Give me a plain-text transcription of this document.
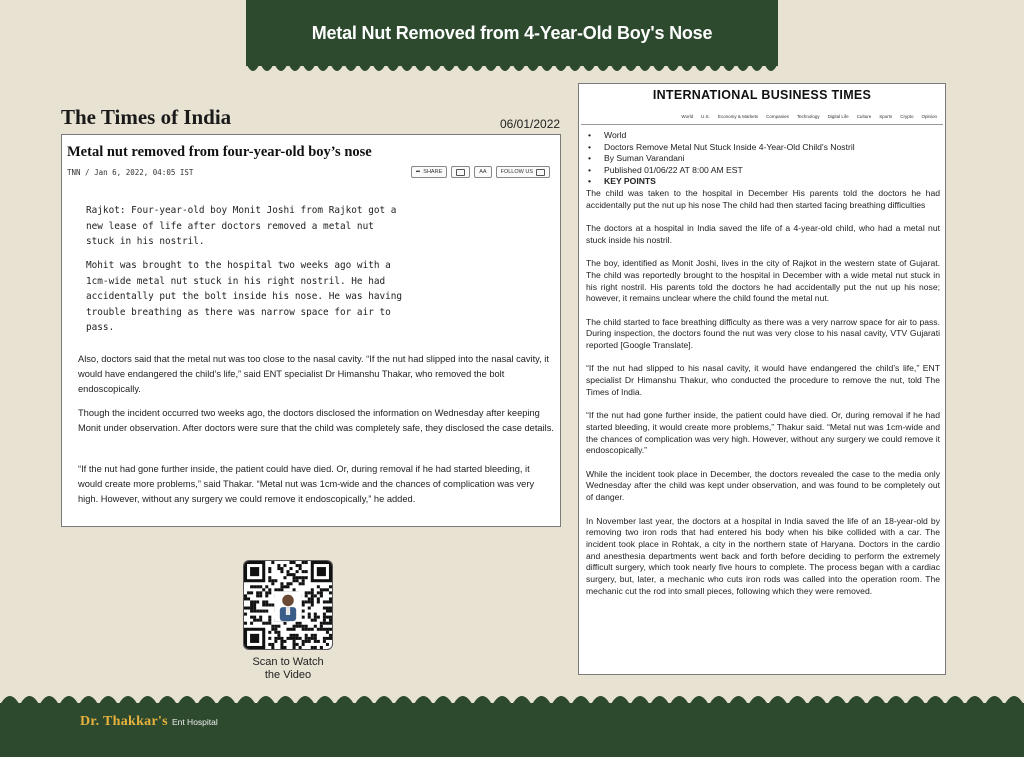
Metal Nut Removed from 4-Year-Old Boy's Nose
The Times of India	06/01/2022
Metal nut removed from four-year-old boy’s nose
TNN / Jan 6, 2022, 04:05 IST	➦ SHARE	AA	FOLLOW US
Rajkot: Four-year-old boy Monit Joshi from Rajkot got a new lease of life after doctors removed a metal nut stuck in his nostril.
Mohit was brought to the hospital two weeks ago with a 1cm-wide metal nut stuck in his right nostril. He had accidentally put the bolt inside his nose. He was having trouble breathing as there was narrow space for air to pass.
Also, doctors said that the metal nut was too close to the nasal cavity. “If the nut had slipped into the nasal cavity, it would have endangered the child’s life,” said ENT specialist Dr Himanshu Thakar, who removed the bolt endoscopically.
Though the incident occurred two weeks ago, the doctors disclosed the information on Wednesday after keeping Monit under observation. After doctors were sure that the child was completely safe, they disclosed the case details.
“If the nut had gone further inside, the patient could have died. Or, during removal if he had started bleeding, it would create more problems,” said Thakar. “Metal nut was 1cm-wide and the chances of complication was very high. However, without any surgery we could remove it endoscopically,” he added.
Scan to Watch
the Video
INTERNATIONAL BUSINESS TIMES
World U.S. Economy & Markets Companies Technology Digital Life Culture Sports Crypto Opinion
• World
• Doctors Remove Metal Nut Stuck Inside 4-Year-Old Child's Nostril
• By Suman Varandani
• Published 01/06/22 AT 8:00 AM EST
• KEY POINTS

The child was taken to the hospital in December His parents told the doctors he had accidentally put the nut up his nose The child had then started facing breathing difficulties

The doctors at a hospital in India saved the life of a 4-year-old child, who had a metal nut stuck inside his nostril.

The boy, identified as Monit Joshi, lives in the city of Rajkot in the western state of Gujarat. The child was reportedly brought to the hospital in December with a wide metal nut stuck in his right nostril. His parents told the doctors he had accidentally put the nut up his nose; however, it remains unclear where the child found the metal nut.

The child started to face breathing difficulty as there was a very narrow space for air to pass. During inspection, the doctors found the nut was very close to his nasal cavity, VTV Gujarati reported [Google Translate].

“If the nut had slipped to his nasal cavity, it would have endangered the child’s life,” ENT specialist Dr Himanshu Thakur, who conducted the procedure to remove the nut, told The Times of India.

“If the nut had gone further inside, the patient could have died. Or, during removal if he had started bleeding, it would create more problems,” Thakur said. “Metal nut was 1cm-wide and the chances of complication was very high. However, without any surgery we could remove it endoscopically.”

While the incident took place in December, the doctors revealed the case to the media only Wednesday after the child was kept under observation, and was found to be completely out of danger.

In November last year, the doctors at a hospital in India saved the life of an 18-year-old by removing two iron rods that had entered his body when his bike collided with a car. The incident took place in Rohtak, a city in the northern state of Haryana. Doctors in the cardio and anesthesia departments went back and forth before deciding to perform the extremely difficult surgery, which took nearly five hours to complete. The process began with a cardiac surgery, but, later, a mechanic who cuts iron rods was called into the operation room. The mechanic cut the rod into small pieces, following which they were removed.

Dr. Thakkar's Ent Hospital
